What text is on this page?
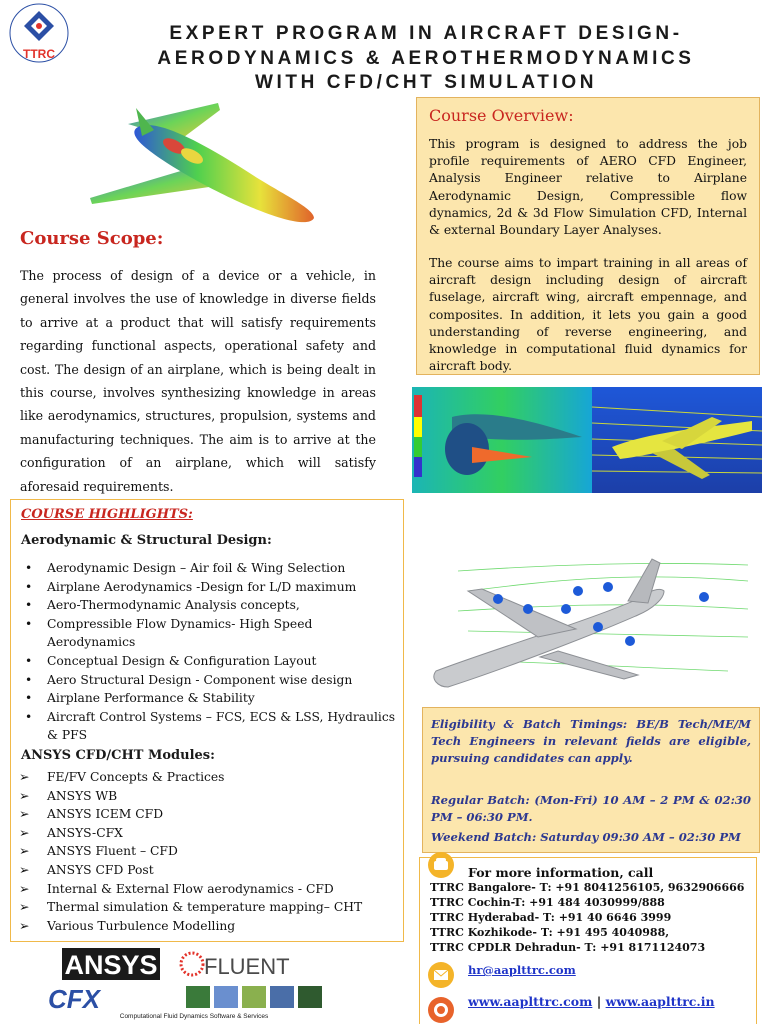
TTRC
EXPERT PROGRAM IN AIRCRAFT DESIGN-
AERODYNAMICS & AEROTHERMODYNAMICS
WITH CFD/CHT SIMULATION
Course Scope:
The process of design of a device or a vehicle, in general involves the use of knowledge in diverse fields to arrive at a product that will satisfy requirements regarding functional aspects, operational safety and cost. The design of an airplane, which is being dealt in this course, involves synthesizing knowledge in areas like aerodynamics, structures, propulsion, systems and manufacturing techniques. The aim is to arrive at the configuration of an airplane, which will satisfy aforesaid requirements.
Course Overview:
This program is designed to address the job profile requirements of AERO CFD Engineer, Analysis Engineer relative to Airplane Aerodynamic Design, Compressible flow dynamics, 2d & 3d Flow Simulation CFD, Internal & external Boundary Layer Analyses.
The course aims to impart training in all areas of aircraft design including design of aircraft fuselage, aircraft wing, aircraft empennage, and composites. In addition, it lets you gain a good understanding of reverse engineering, and knowledge in computational fluid dynamics for aircraft body.
COURSE HIGHLIGHTS:
Aerodynamic & Structural Design:
• Aerodynamic Design – Air foil & Wing Selection
• Airplane Aerodynamics -Design for L/D maximum
• Aero-Thermodynamic Analysis concepts,
• Compressible Flow Dynamics- High Speed Aerodynamics
• Conceptual Design & Configuration Layout
• Aero Structural Design - Component wise design
• Airplane Performance & Stability
• Aircraft Control Systems – FCS, ECS & LSS, Hydraulics & PFS
ANSYS CFD/CHT Modules:
➢ FE/FV Concepts & Practices
➢ ANSYS WB
➢ ANSYS ICEM CFD
➢ ANSYS-CFX
➢ ANSYS Fluent – CFD
➢ ANSYS CFD Post
➢ Internal & External Flow aerodynamics - CFD
➢ Thermal simulation & temperature mapping– CHT
➢ Various Turbulence Modelling
Eligibility & Batch Timings: BE/B Tech/ME/M Tech Engineers in relevant fields are eligible, pursuing candidates can apply.
Regular Batch: (Mon-Fri) 10 AM – 2 PM & 02:30 PM – 06:30 PM.
Weekend Batch: Saturday 09:30 AM – 02:30 PM
For more information, call
TTRC Bangalore- T: +91 8041256105, 9632906666
TTRC Cochin-T: +91 484 4030999/888
TTRC Hyderabad- T: +91 40 6646 3999
TTRC Kozhikode- T: +91 495 4040988,
TTRC CPDLR Dehradun- T: +91 8171124073
hr@aaplttrc.com
www.aaplttrc.com | www.aaplttrc.in
ANSYS FLUENT
CFX
Computational Fluid Dynamics Software & Services
